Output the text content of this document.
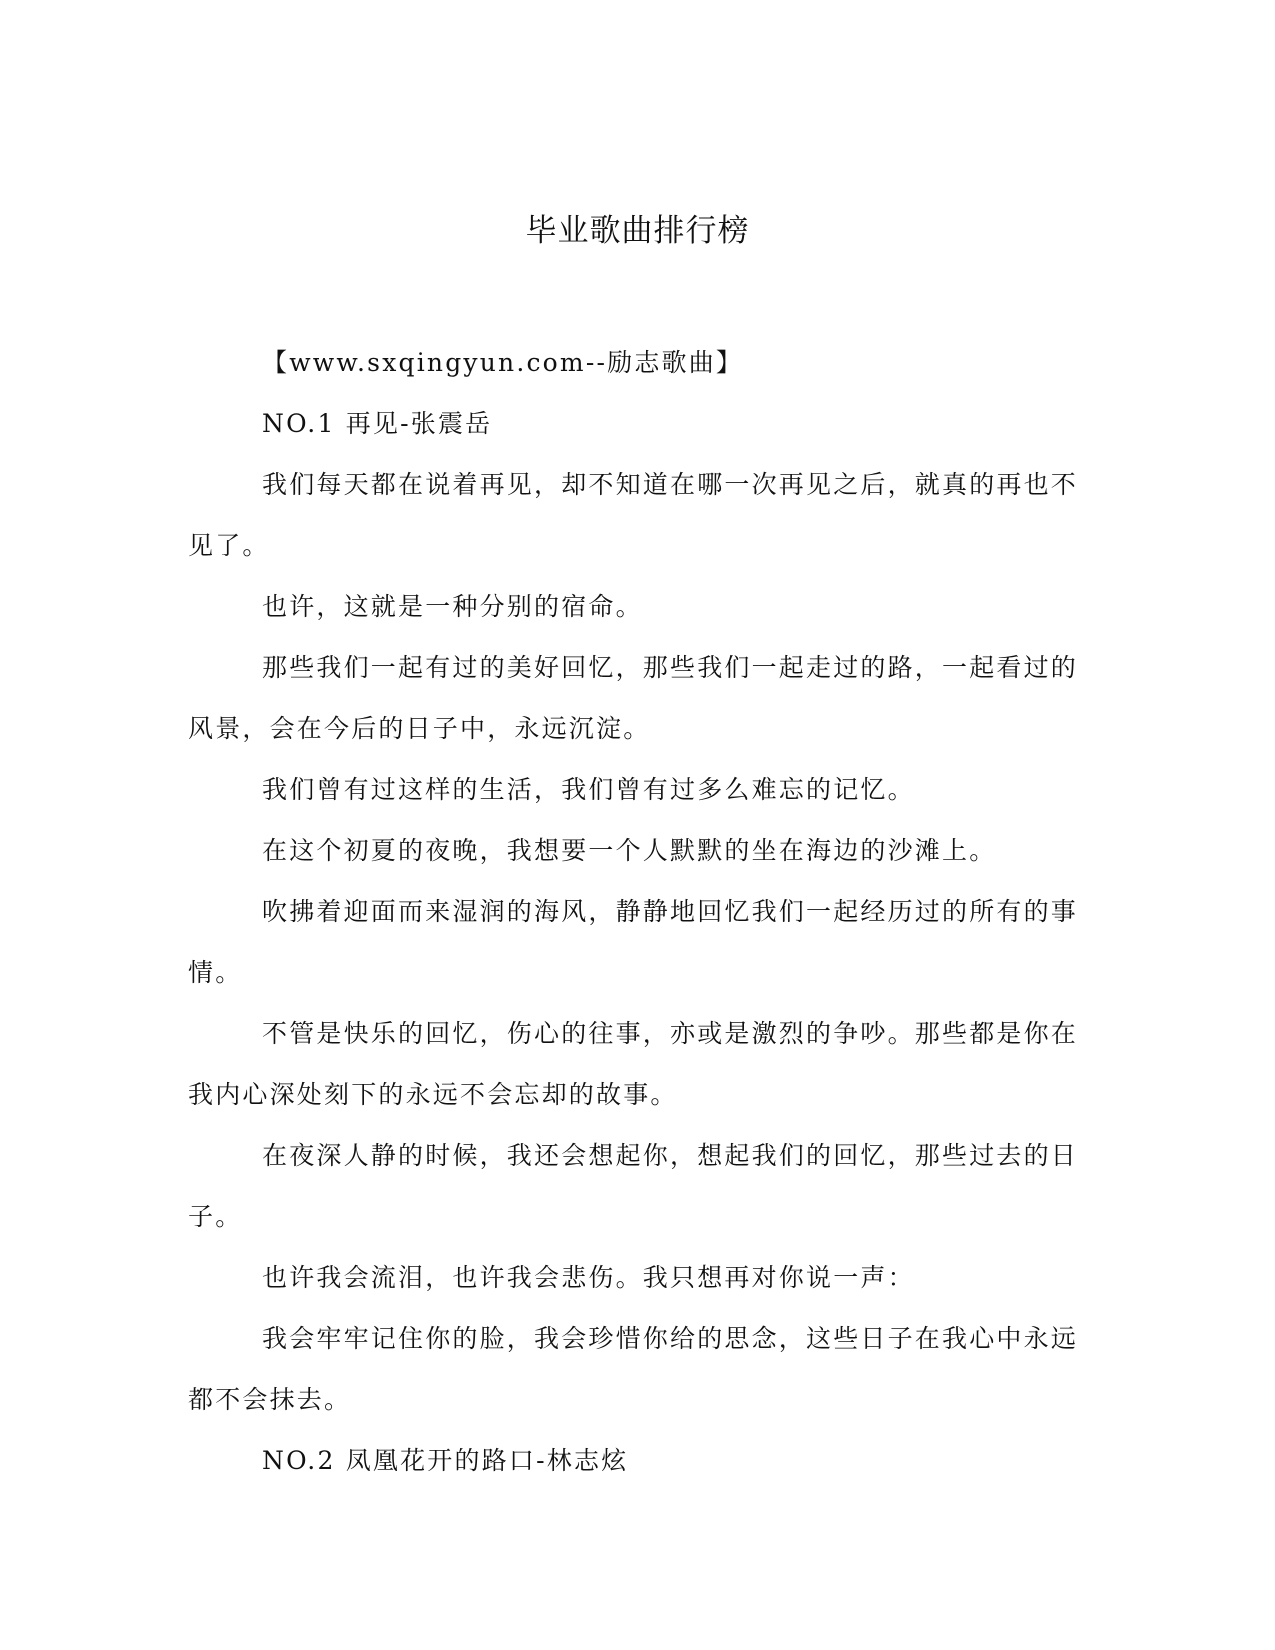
毕业歌曲排行榜

【www.sxqingyun.com--励志歌曲】

NO.1 再见-张震岳

我们每天都在说着再见，却不知道在哪一次再见之后，就真的再也不见了。

也许，这就是一种分别的宿命。

那些我们一起有过的美好回忆，那些我们一起走过的路，一起看过的风景，会在今后的日子中，永远沉淀。

我们曾有过这样的生活，我们曾有过多么难忘的记忆。

在这个初夏的夜晚，我想要一个人默默的坐在海边的沙滩上。

吹拂着迎面而来湿润的海风，静静地回忆我们一起经历过的所有的事情。

不管是快乐的回忆，伤心的往事，亦或是激烈的争吵。那些都是你在我内心深处刻下的永远不会忘却的故事。

在夜深人静的时候，我还会想起你，想起我们的回忆，那些过去的日子。

也许我会流泪，也许我会悲伤。我只想再对你说一声：

我会牢牢记住你的脸，我会珍惜你给的思念，这些日子在我心中永远都不会抹去。

NO.2 凤凰花开的路口-林志炫
